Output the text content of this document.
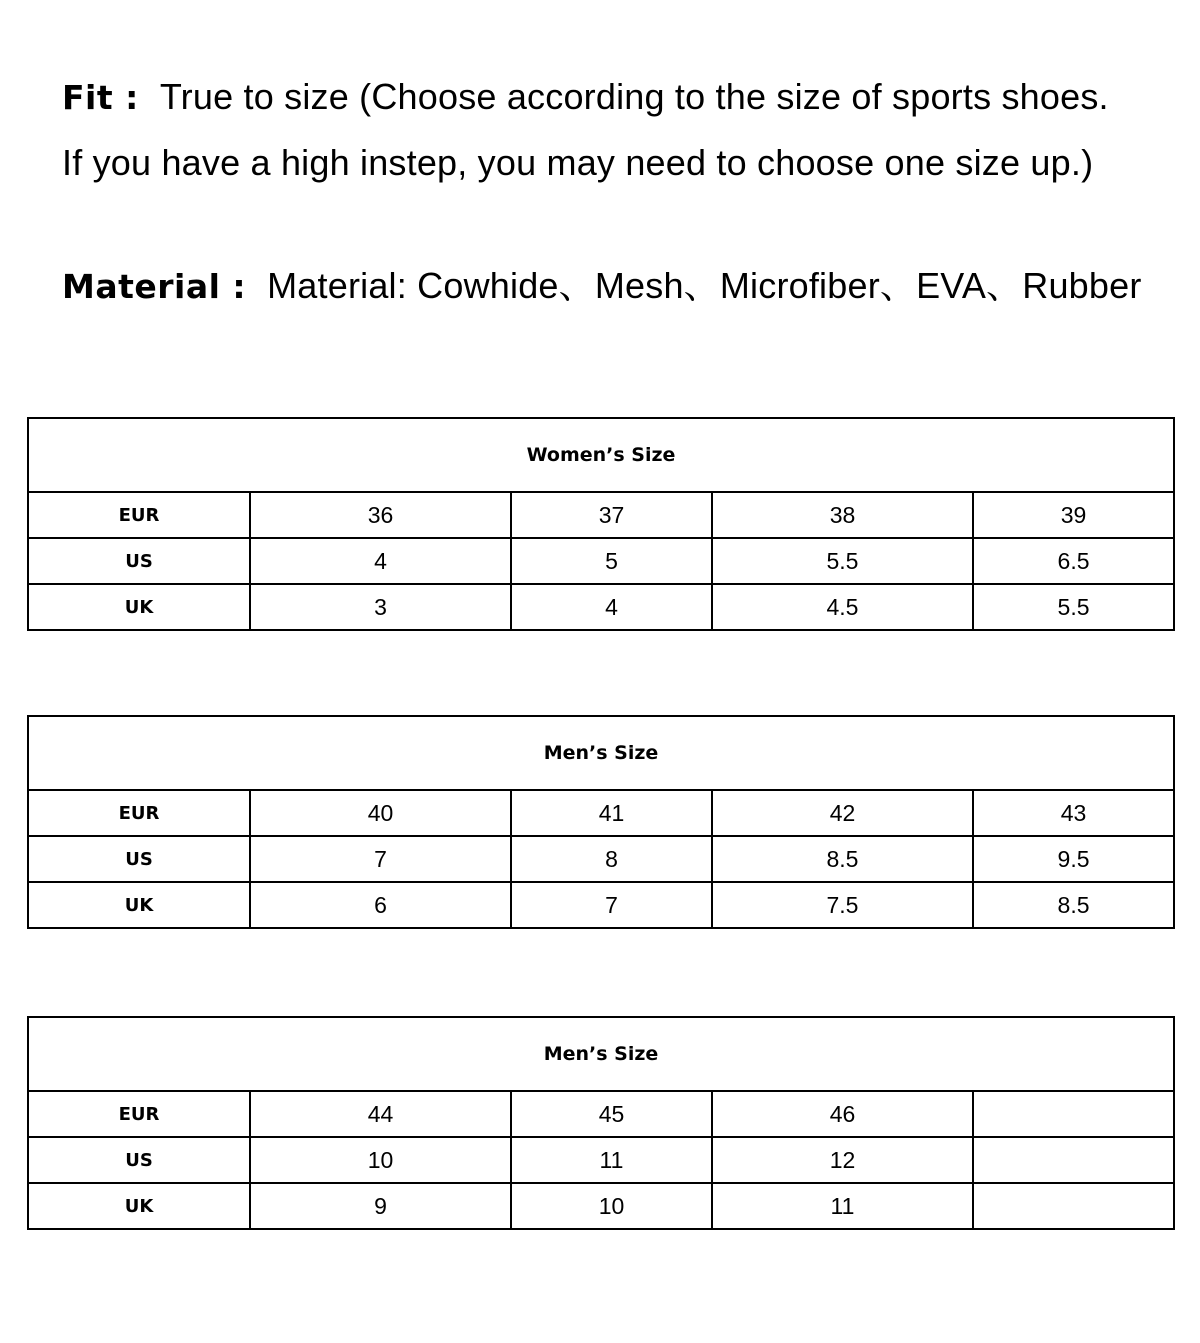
Fit : True to size (Choose according to the size of sports shoes.
If you have a high instep, you may need to choose one size up.)
Material : Material: Cowhide、Mesh、Microfiber、EVA、Rubber
Women’s Size				
EUR	36	37	38	39
US	4	5	5.5	6.5
UK	3	4	4.5	5.5
Men’s Size				
EUR	40	41	42	43
US	7	8	8.5	9.5
UK	6	7	7.5	8.5
Men’s Size				
EUR	44	45	46	
US	10	11	12	
UK	9	10	11	
